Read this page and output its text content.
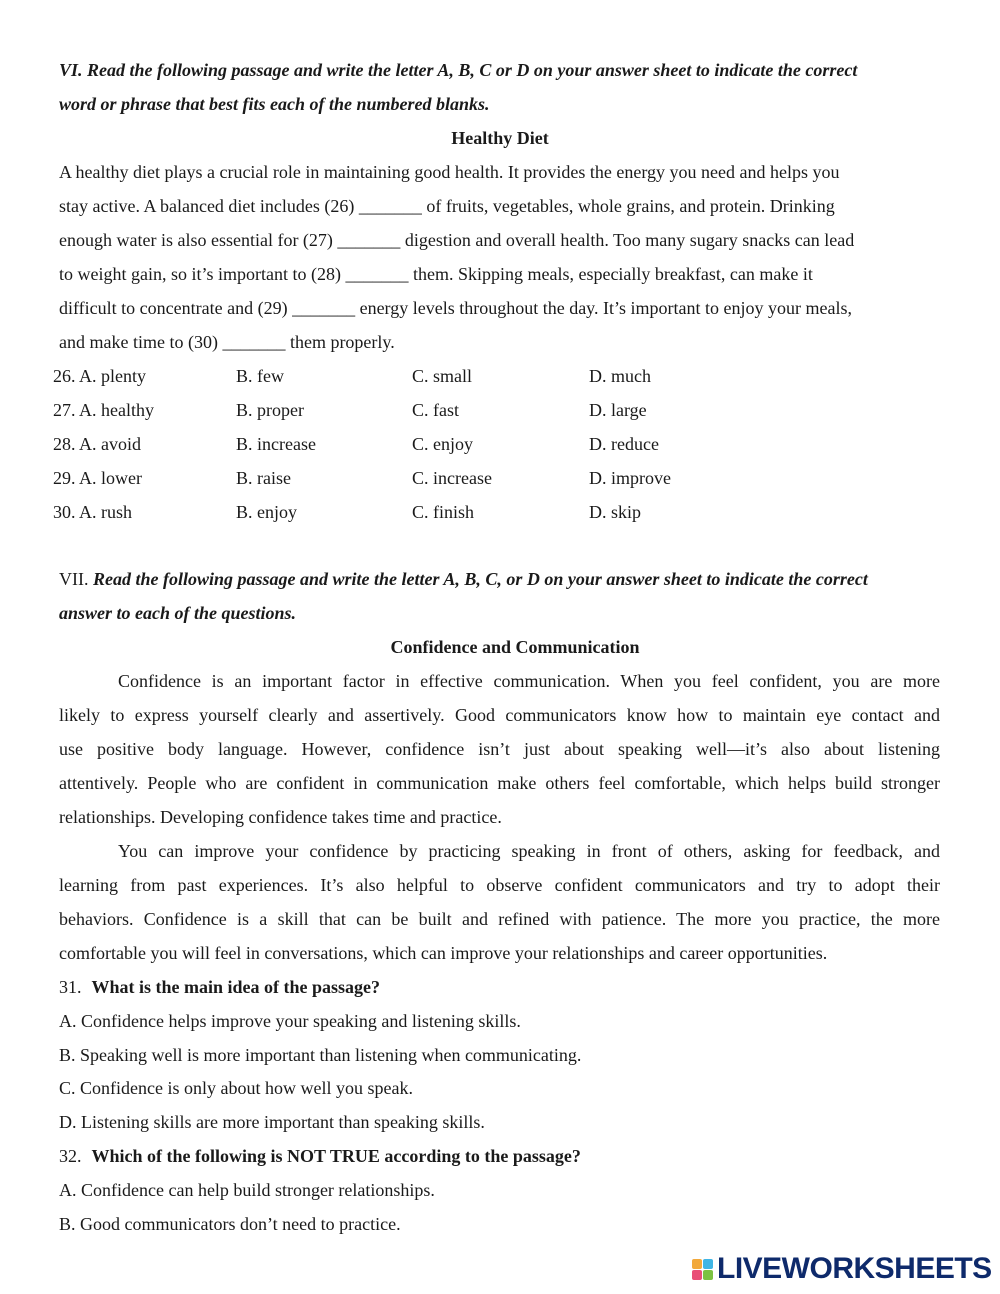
VI. Read the following passage and write the letter A, B, C or D on your answer sheet to indicate the correct
word or phrase that best fits each of the numbered blanks.
Healthy Diet
A healthy diet plays a crucial role in maintaining good health. It provides the energy you need and helps you
stay active. A balanced diet includes (26) _______ of fruits, vegetables, whole grains, and protein. Drinking
enough water is also essential for (27) _______ digestion and overall health. Too many sugary snacks can lead
to weight gain, so it’s important to (28) _______ them. Skipping meals, especially breakfast, can make it
difficult to concentrate and (29) _______ energy levels throughout the day. It’s important to enjoy your meals,
and make time to (30) _______ them properly.
26. A. plenty	B. few	C. small	D. much
27. A. healthy	B. proper	C. fast	D. large
28. A. avoid	B. increase	C. enjoy	D. reduce
29. A. lower	B. raise	C. increase	D. improve
30. A. rush	B. enjoy	C. finish	D. skip
VII. Read the following passage and write the letter A, B, C, or D on your answer sheet to indicate the correct
answer to each of the questions.
Confidence and Communication
Confidence is an important factor in effective communication. When you feel confident, you are more
likely to express yourself clearly and assertively. Good communicators know how to maintain eye contact and
use positive body language. However, confidence isn’t just about speaking well—it’s also about listening
attentively. People who are confident in communication make others feel comfortable, which helps build stronger
relationships. Developing confidence takes time and practice.
You can improve your confidence by practicing speaking in front of others, asking for feedback, and
learning from past experiences. It’s also helpful to observe confident communicators and try to adopt their
behaviors. Confidence is a skill that can be built and refined with patience. The more you practice, the more
comfortable you will feel in conversations, which can improve your relationships and career opportunities.
31. What is the main idea of the passage?
A. Confidence helps improve your speaking and listening skills.
B. Speaking well is more important than listening when communicating.
C. Confidence is only about how well you speak.
D. Listening skills are more important than speaking skills.
32. Which of the following is NOT TRUE according to the passage?
A. Confidence can help build stronger relationships.
B. Good communicators don’t need to practice.
LIVEWORKSHEETS
